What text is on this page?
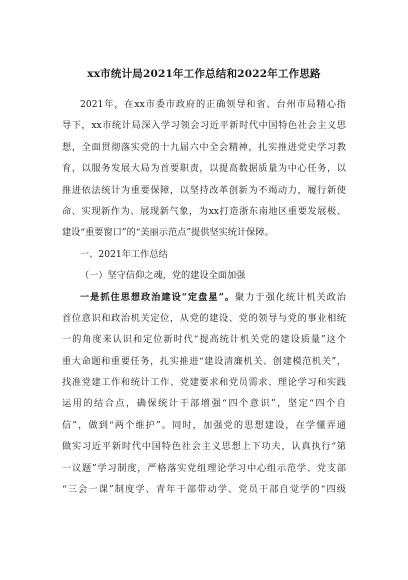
xx市统计局2021年工作总结和2022年工作思路
2021年，在xx市委市政府的正确领导和省、台州市局精心指
导下，xx市统计局深入学习领会习近平新时代中国特色社会主义思
想，全面贯彻落实党的十九届六中全会精神，扎实推进党史学习教
育，以服务发展大局为首要职责，以提高数据质量为中心任务，以
推进依法统计为重要保障，以坚持改革创新为不竭动力，履行新使
命、实现新作为、展现新气象，为xx打造浙东南地区重要发展极、
建设“重要窗口”的“美丽示范点”提供坚实统计保障。
一、2021年工作总结
（一）坚守信仰之魂，党的建设全面加强
一是抓住思想政治建设“定盘星”。聚力于强化统计机关政治
首位意识和政治机关定位，从党的建设、党的领导与党的事业相统
一的角度来认识和定位新时代“提高统计机关党的建设质量”这个
重大命题和重要任务，扎实推进“建设清廉机关、创建模范机关”，
找准党建工作和统计工作、党建要求和党员需求、理论学习和实践
运用的结合点，确保统计干部增强“四个意识”，坚定“四个自
信”，做到“两个维护”。同时，加强党的思想建设，在学懂弄通
做实习近平新时代中国特色社会主义思想上下功夫，认真执行“第
一议题”学习制度，严格落实党组理论学习中心组示范学、党支部
“三会一课”制度学、青年干部带动学、党员干部自觉学的“四级
